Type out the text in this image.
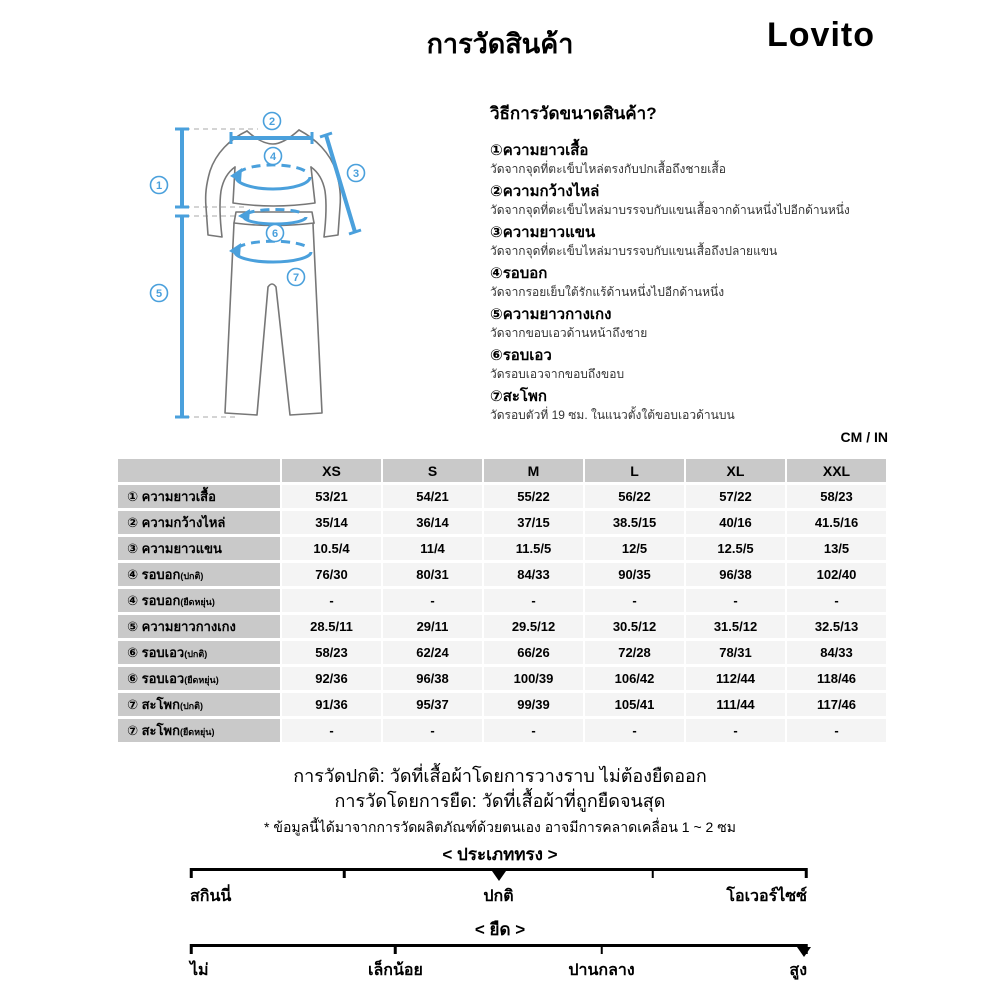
การวัดสินค้า	Lovito
1
2
3
4
5
6
7
วิธีการวัดขนาดสินค้า?
①ความยาวเสื้อ
วัดจากจุดที่ตะเข็บไหล่ตรงกับปกเสื้อถึงชายเสื้อ
②ความกว้างไหล่
วัดจากจุดที่ตะเข็บไหล่มาบรรจบกับแขนเสื้อจากด้านหนึ่งไปอีกด้านหนึ่ง
③ความยาวแขน
วัดจากจุดที่ตะเข็บไหล่มาบรรจบกับแขนเสื้อถึงปลายแขน
④รอบอก
วัดจากรอยเย็บใต้รักแร้ด้านหนึ่งไปอีกด้านหนึ่ง
⑤ความยาวกางเกง
วัดจากขอบเอวด้านหน้าถึงชาย
⑥รอบเอว
วัดรอบเอวจากขอบถึงขอบ
⑦สะโพก
วัดรอบตัวที่ 19 ซม. ในแนวตั้งใต้ขอบเอวด้านบน
CM / IN
	XS	S	M	L	XL	XXL
① ความยาวเสื้อ	53/21	54/21	55/22	56/22	57/22	58/23
② ความกว้างไหล่	35/14	36/14	37/15	38.5/15	40/16	41.5/16
③ ความยาวแขน	10.5/4	11/4	11.5/5	12/5	12.5/5	13/5
④ รอบอก(ปกติ)	76/30	80/31	84/33	90/35	96/38	102/40
④ รอบอก(ยืดหยุ่น)	-	-	-	-	-	-
⑤ ความยาวกางเกง	28.5/11	29/11	29.5/12	30.5/12	31.5/12	32.5/13
⑥ รอบเอว(ปกติ)	58/23	62/24	66/26	72/28	78/31	84/33
⑥ รอบเอว(ยืดหยุ่น)	92/36	96/38	100/39	106/42	112/44	118/46
⑦ สะโพก(ปกติ)	91/36	95/37	99/39	105/41	111/44	117/46
⑦ สะโพก(ยืดหยุ่น)	-	-	-	-	-	-
การวัดปกติ: วัดที่เสื้อผ้าโดยการวางราบ ไม่ต้องยืดออก
การวัดโดยการยืด: วัดที่เสื้อผ้าที่ถูกยืดจนสุด
* ข้อมูลนี้ได้มาจากการวัดผลิตภัณฑ์ด้วยตนเอง อาจมีการคลาดเคลื่อน 1 ~ 2 ซม
< ประเภททรง >
สกินนี่	ปกติ	โอเวอร์ไซซ์
< ยืด >
ไม่	เล็กน้อย	ปานกลาง	สูง
